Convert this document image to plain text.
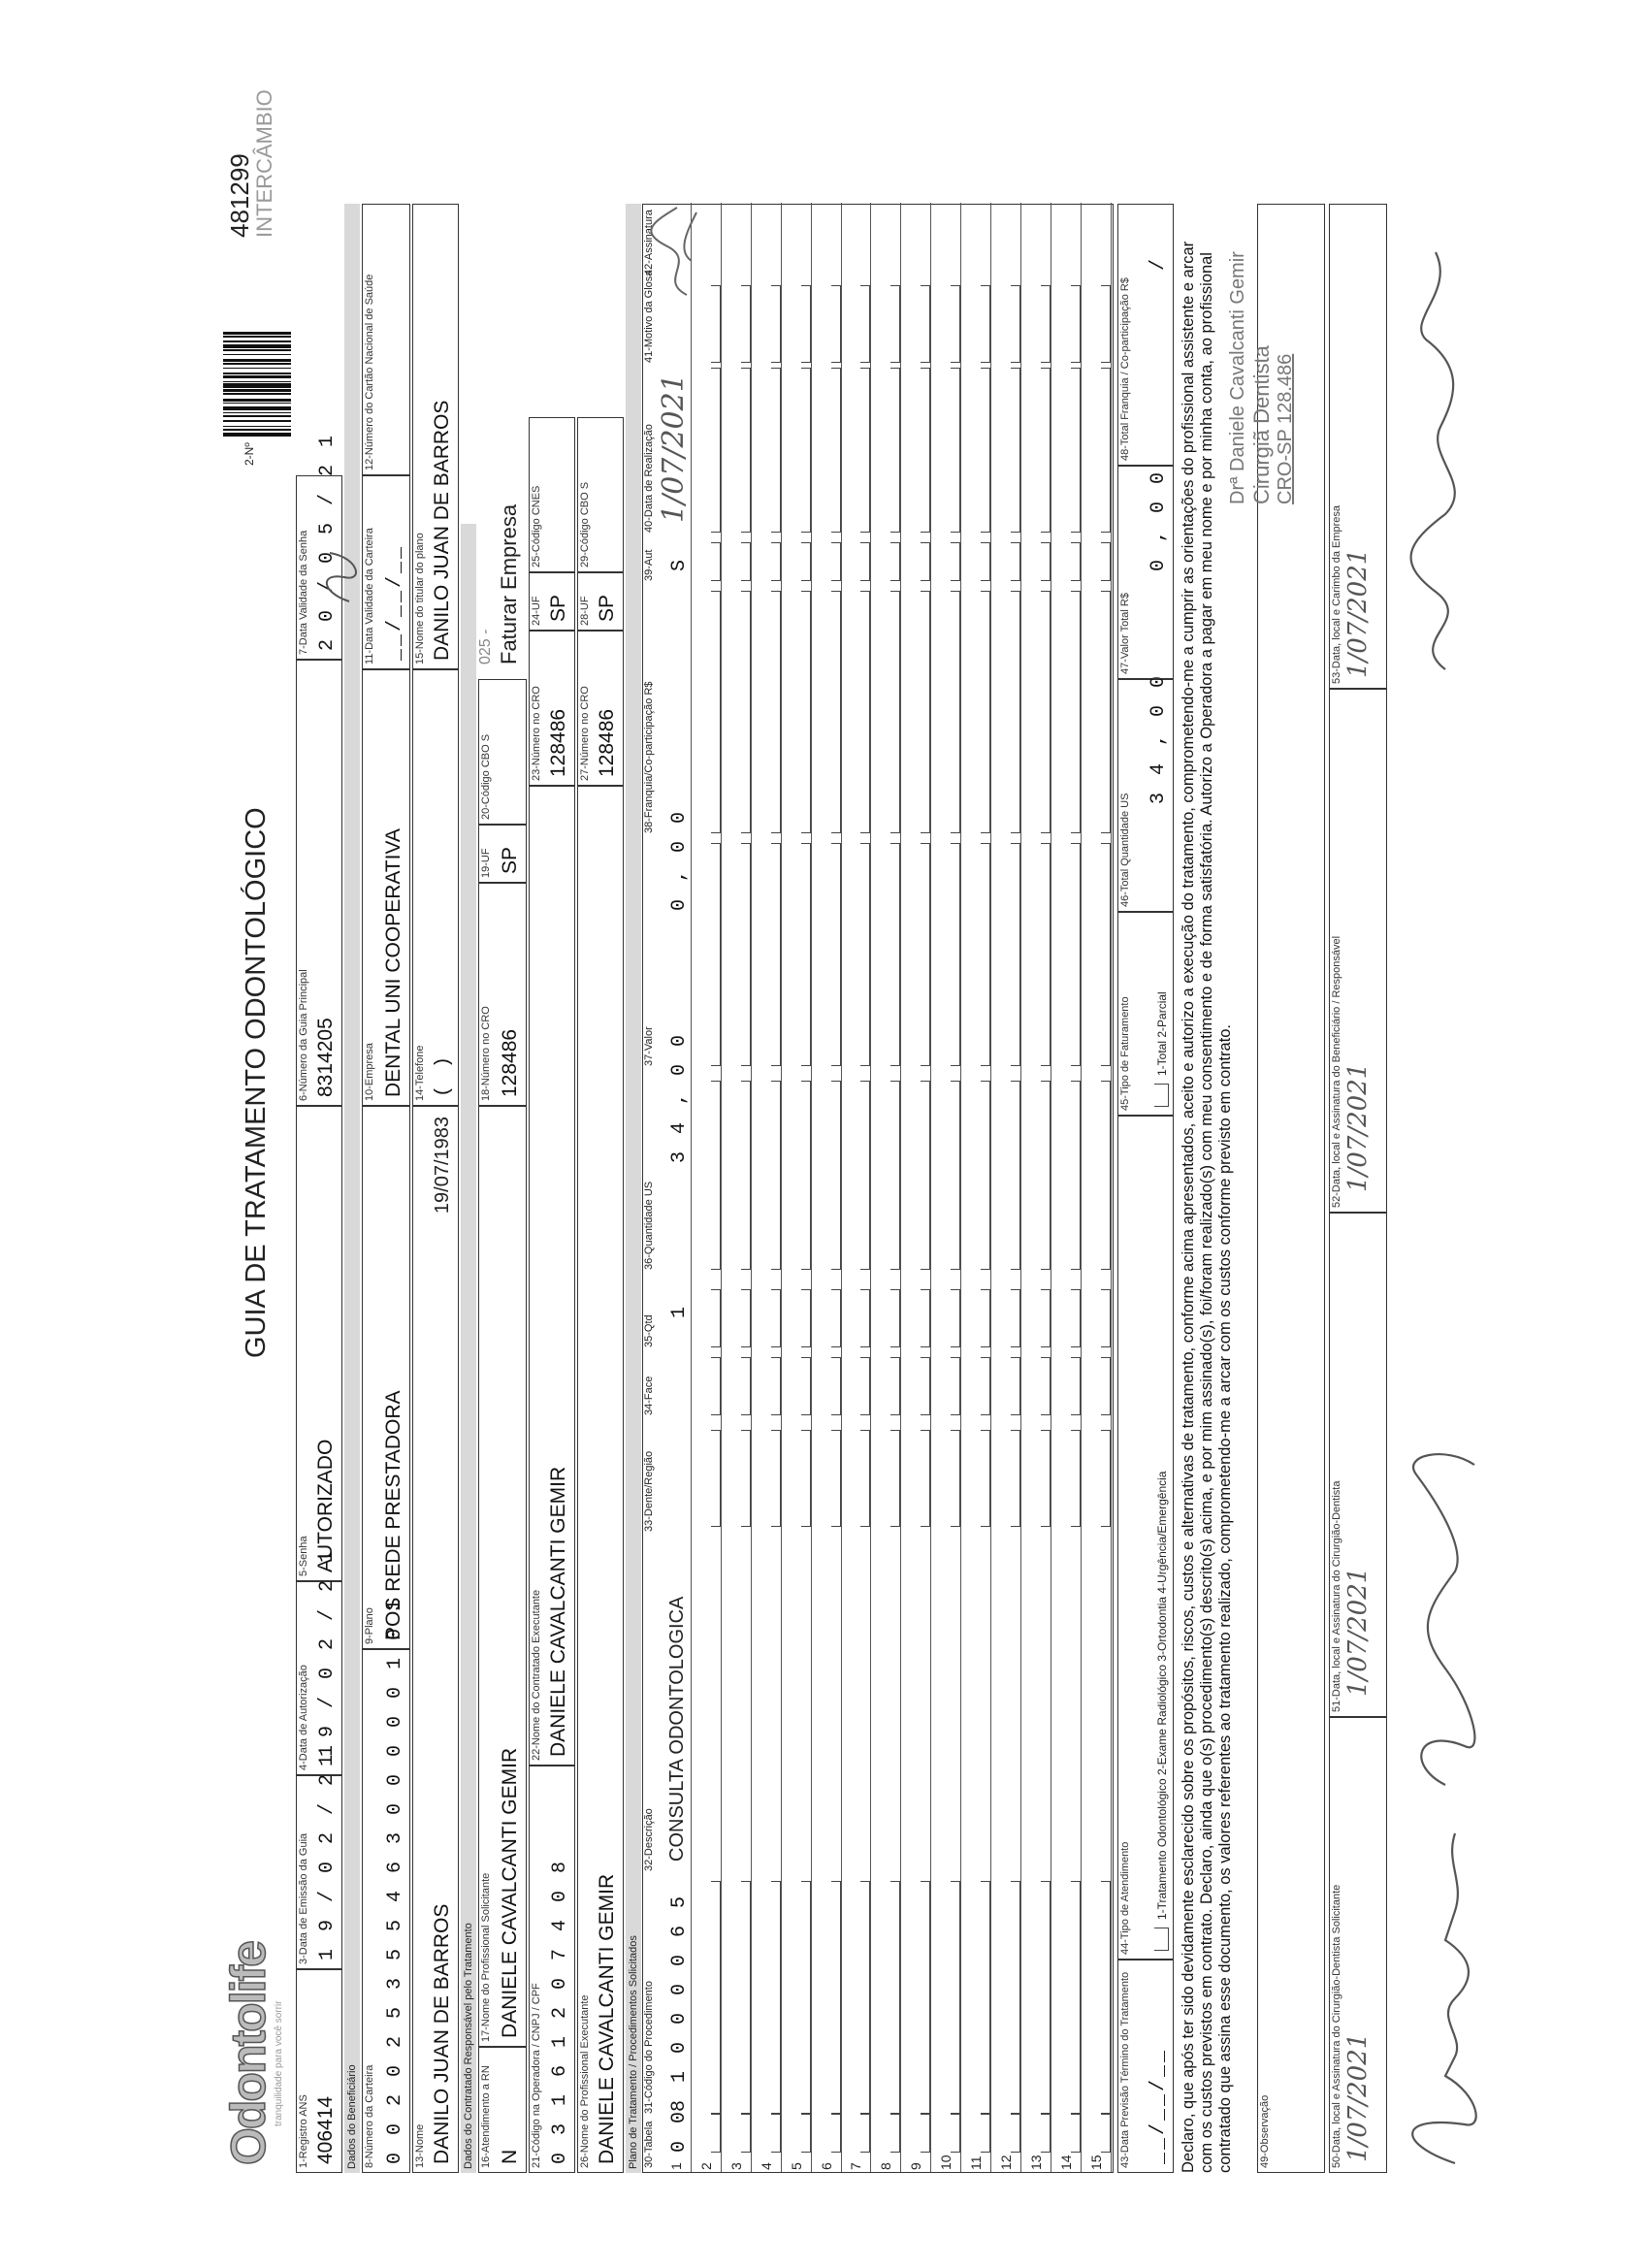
Odontolife
tranquilidade para você sorrir
GUIA DE TRATAMENTO ODONTOLÓGICO
2-Nº
481299
INTERCÂMBIO
1-Registro ANS 406414
3-Data de Emissão da Guia 1 9 / 0 2 / 2 1
4-Data de Autorização 1 9 / 0 2 / 2 1
5-Senha AUTORIZADO
6-Número da Guia Principal 8314205
7-Data Validade da Senha 2 0 / 0 5 / 2 1
Dados do Beneficiário 8-Número da Carteira 0 0 2 0 2 5 3 5 5 4 6 3 0 0 0 0 0 1 0 1
9-Plano POS REDE PRESTADORA
10-Empresa DENTAL UNI COOPERATIVA
11-Data Validade da Carteira __/__/__
12-Número do Cartão Nacional de Saúde
13-Nome DANILO JUAN DE BARROS
19/07/1983
14-Telefone ( )
15-Nome do titular do plano DANILO JUAN DE BARROS
Dados do Contratado Responsável pelo Tratamento 16-Atendimento a RN N
17-Nome do Profissional Solicitante DANIELE CAVALCANTI GEMIR
18-Número no CRO 128486
19-UF SP
20-Código CBO S
025 - Faturar Empresa
21-Código na Operadora / CNPJ / CPF 0 3 1 6 1 2 0 7 4 0 8
22-Nome do Contratado Executante DANIELE CAVALCANTI GEMIR
23-Número no CRO 128486
24-UF SP
25-Código CNES
26-Nome do Profissional Executante DANIELE CAVALCANTI GEMIR
27-Número no CRO 128486
28-UF SP
29-Código CBO S
Plano de Tratamento / Procedimentos Solicitados 30-Tabela
31-Código do Procedimento
32-Descrição
33-Dente/Região
34-Face
35-Qtd
36-Quantidade US
37-Valor
38-Franquia/Co-participação R$
39-Aut
40-Data de Realização
41-Motivo da Glosa
42-Assinatura
1 2 3 4 5 6 7 8 9 10 11 12 13 14 15
0 0
8 1 0 0 0 0 6 5
CONSULTA ODONTOLOGICA
1
3 4 , 0 0
0 , 0 0
S
1/07/2021
43-Data Previsão Término do Tratamento __/__/__
44-Tipo de Atendimento 1-Tratamento Odontológico 2-Exame Radiológico 3-Ortodontia 4-Urgência/Emergência
45-Tipo de Faturamento 1-Total 2-Parcial
46-Total Quantidade US
3 4 , 0 0
47-Valor Total R$
0 , 0 0
48-Total Franquia / Co-participação R$
/ Declaro, que após ter sido devidamente esclarecido sobre os propósitos, riscos, custos e alternativas de tratamento, conforme acima apresentados, aceito e autorizo a execução do tratamento, comprometendo-me a cumprir as orientações do profissional assistente e arcar com os custos previstos em contrato. Declaro, ainda que o(s) procedimento(s) descrito(s) acima, e por mim assinado(s), foi/foram realizado(s) com meu consentimento e de forma satisfatória. Autorizo a Operadora a pagar em meu nome e por minha conta, ao profissional contratado que assina esse documento, os valores referentes ao tratamento realizado, comprometendo-me a arcar com os custos conforme previsto em contrato. 49-Observação	50-Data, local e Assinatura do Cirurgião-Dentista Solicitante 1/07/2021
51-Data, local e Assinatura do Cirurgião-Dentista 1/07/2021
52-Data, local e Assinatura do Beneficiário / Responsável 1/07/2021
53-Data, local e Carimbo da Empresa 1/07/2021
Drª Daniele Cavalcanti Gemir Cirurgiã Dentista CRO-SP 128.486
